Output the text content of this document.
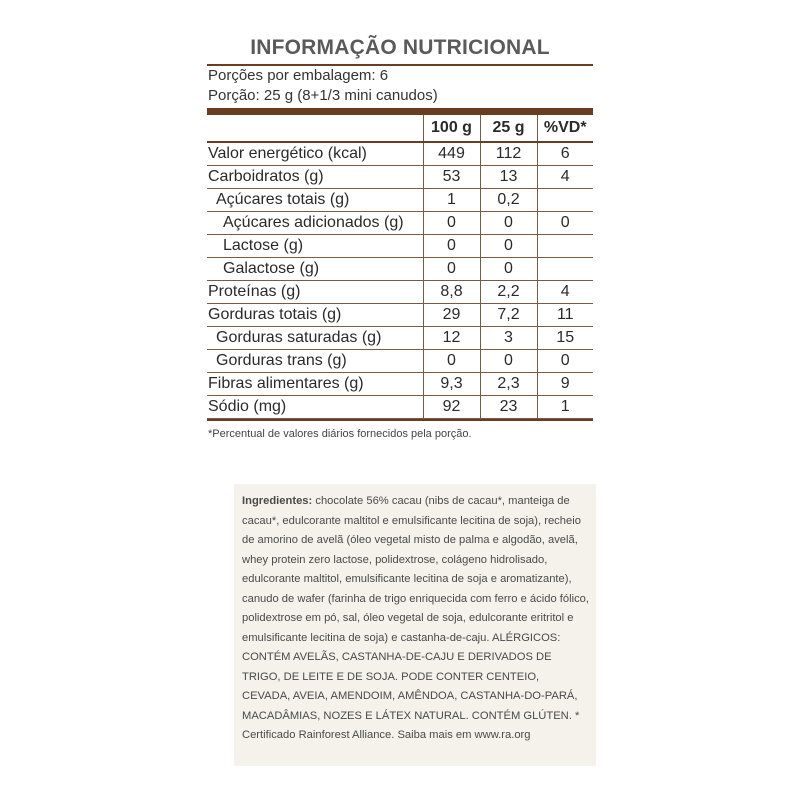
INFORMAÇÃO NUTRICIONAL
Porções por embalagem: 6
Porção: 25 g (8+1/3 mini canudos)
	100 g	25 g	%VD*
Valor energético (kcal)	449	112	6
Carboidratos (g)	53	13	4
Açúcares totais (g)	1	0,2	
Açúcares adicionados (g)	0	0	0
Lactose (g)	0	0	
Galactose (g)	0	0	
Proteínas (g)	8,8	2,2	4
Gorduras totais (g)	29	7,2	11
Gorduras saturadas (g)	12	3	15
Gorduras trans (g)	0	0	0
Fibras alimentares (g)	9,3	2,3	9
Sódio (mg)	92	23	1
*Percentual de valores diários fornecidos pela porção.
Ingredientes: chocolate 56% cacau (nibs de cacau*, manteiga de cacau*, edulcorante maltitol e emulsificante lecitina de soja), recheio de amorino de avelã (óleo vegetal misto de palma e algodão, avelã, whey protein zero lactose, polidextrose, colágeno hidrolisado, edulcorante maltitol, emulsificante lecitina de soja e aromatizante), canudo de wafer (farinha de trigo enriquecida com ferro e ácido fólico, polidextrose em pó, sal, óleo vegetal de soja, edulcorante eritritol e emulsificante lecitina de soja) e castanha-de-caju. ALÉRGICOS: CONTÉM AVELÃS, CASTANHA-DE-CAJU E DERIVADOS DE TRIGO, DE LEITE E DE SOJA. PODE CONTER CENTEIO, CEVADA, AVEIA, AMENDOIM, AMÊNDOA, CASTANHA-DO-PARÁ, MACADÂMIAS, NOZES E LÁTEX NATURAL. CONTÉM GLÚTEN. * Certificado Rainforest Alliance. Saiba mais em www.ra.org
